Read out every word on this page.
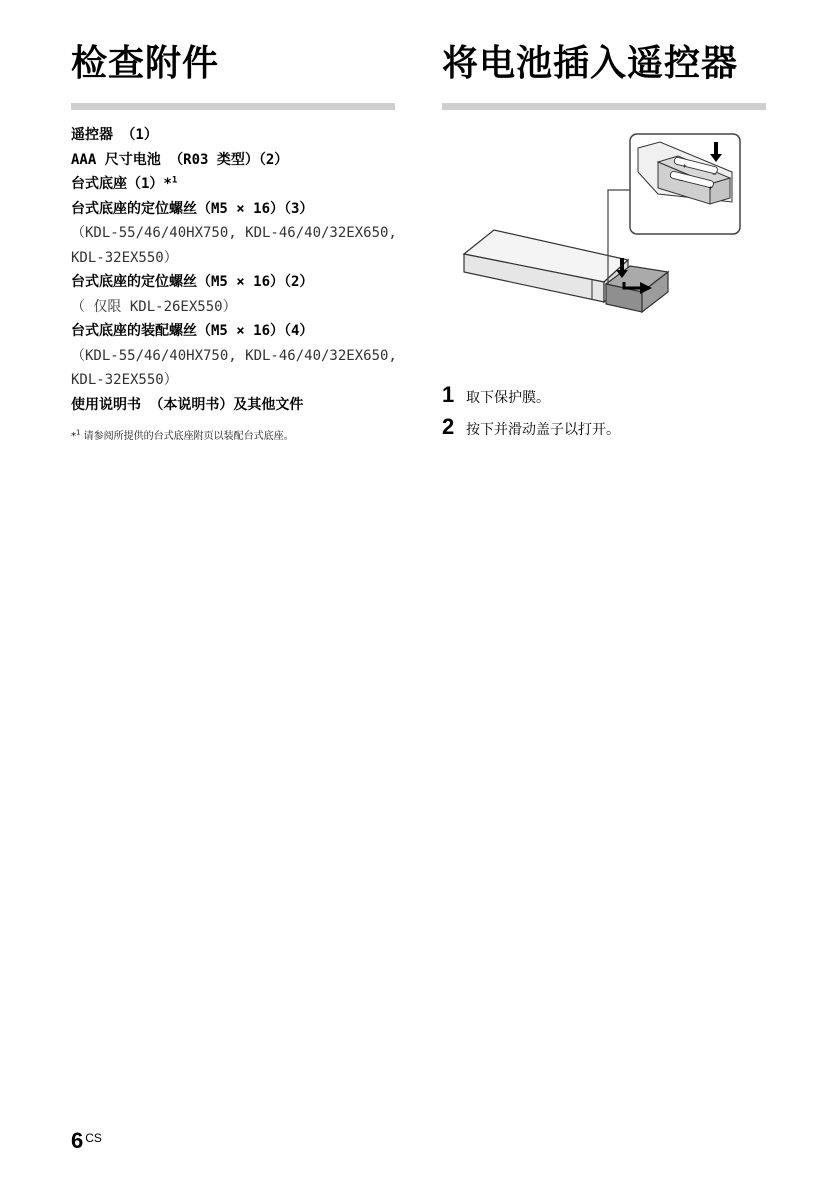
检查附件
遥控器 （1）
AAA 尺寸电池 （R03 类型）（2）
台式底座（1）*$^1$
台式底座的定位螺丝（M5 × 16）（3）
（KDL-55/46/40HX750, KDL-46/40/32EX650,
KDL-32EX550）
台式底座的定位螺丝（M5 × 16）（2）
（ 仅限 KDL-26EX550）
台式底座的装配螺丝（M5 × 16）（4）
（KDL-55/46/40HX750, KDL-46/40/32EX650,
KDL-32EX550）
使用说明书 （本说明书）及其他文件
*$^1$ 请参阅所提供的台式底座附页以装配台式底座。
将电池插入遥控器
+
−
−
+
1 取下保护膜。
2 按下并滑动盖子以打开。
6 $^{CS}$
